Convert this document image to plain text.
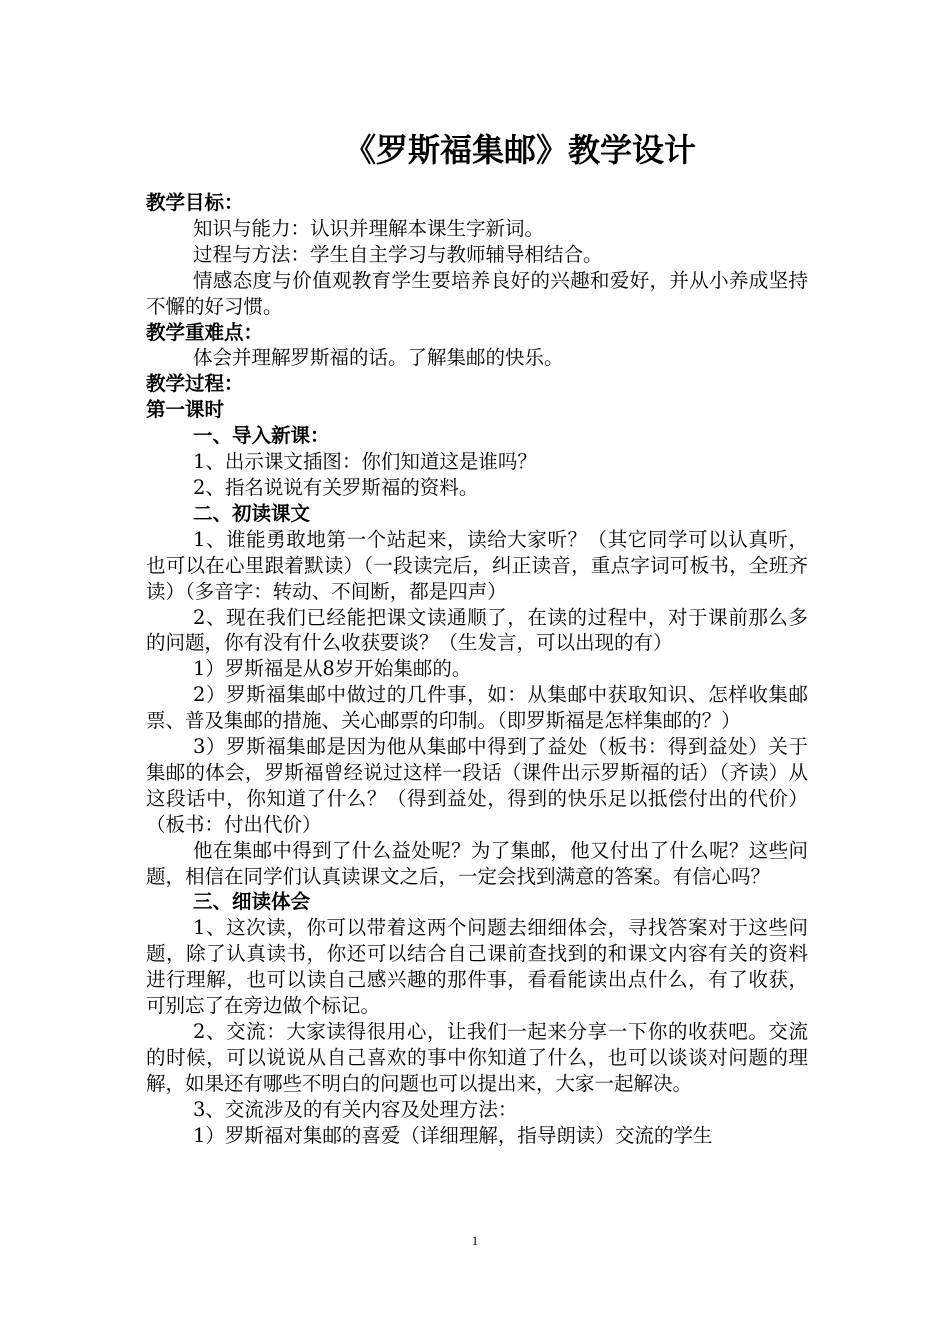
《罗斯福集邮》教学设计

教学目标：

知识与能力：认识并理解本课生字新词。

过程与方法：学生自主学习与教师辅导相结合。

情感态度与价值观教育学生要培养良好的兴趣和爱好，并从小养成坚持不懈的好习惯。

教学重难点：

体会并理解罗斯福的话。了解集邮的快乐。

教学过程：

第一课时

一、导入新课：

1、出示课文插图：你们知道这是谁吗？

2、指名说说有关罗斯福的资料。

二、初读课文

1、谁能勇敢地第一个站起来，读给大家听？（其它同学可以认真听，也可以在心里跟着默读）（一段读完后，纠正读音，重点字词可板书，全班齐读）（多音字：转动、不间断，都是四声）

2、现在我们已经能把课文读通顺了，在读的过程中，对于课前那么多的问题，你有没有什么收获要谈？（生发言，可以出现的有）

1）罗斯福是从8岁开始集邮的。

2）罗斯福集邮中做过的几件事，如：从集邮中获取知识、怎样收集邮票、普及集邮的措施、关心邮票的印制。（即罗斯福是怎样集邮的？）

3）罗斯福集邮是因为他从集邮中得到了益处（板书：得到益处）关于集邮的体会，罗斯福曾经说过这样一段话（课件出示罗斯福的话）（齐读）从这段话中，你知道了什么？（得到益处，得到的快乐足以抵偿付出的代价）（板书：付出代价）

他在集邮中得到了什么益处呢？为了集邮，他又付出了什么呢？这些问题，相信在同学们认真读课文之后，一定会找到满意的答案。有信心吗？

三、细读体会

1、这次读，你可以带着这两个问题去细细体会，寻找答案对于这些问题，除了认真读书，你还可以结合自己课前查找到的和课文内容有关的资料进行理解，也可以读自己感兴趣的那件事，看看能读出点什么，有了收获，可别忘了在旁边做个标记。

2、交流：大家读得很用心，让我们一起来分享一下你的收获吧。交流的时候，可以说说从自己喜欢的事中你知道了什么，也可以谈谈对问题的理解，如果还有哪些不明白的问题也可以提出来，大家一起解决。

3、交流涉及的有关内容及处理方法：

1）罗斯福对集邮的喜爱（详细理解，指导朗读）交流的学生

1
